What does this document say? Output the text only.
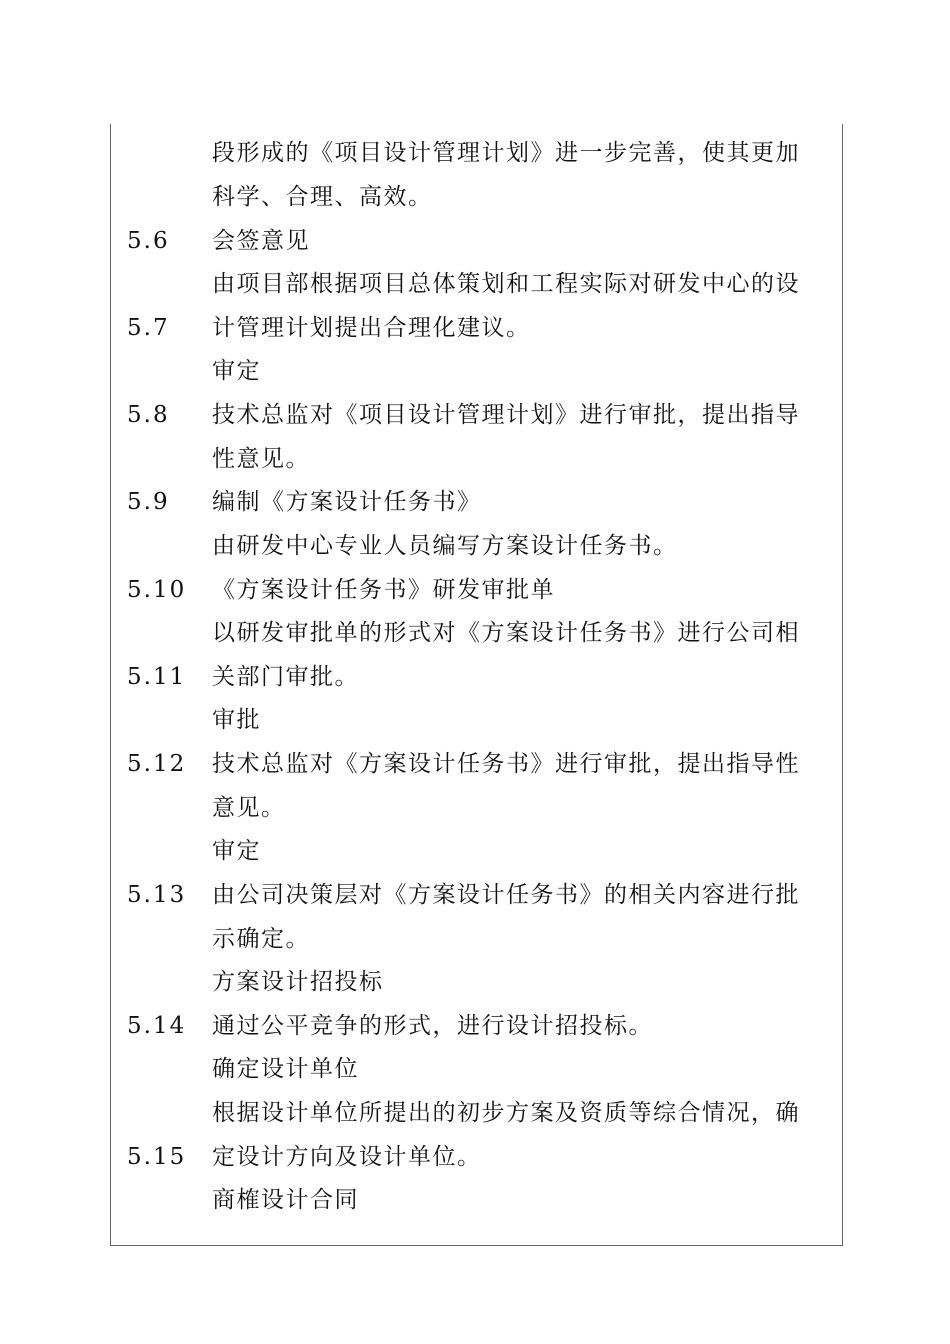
5.6
5.7
5.8
5.9
5.10
5.11
5.12
5.13
5.14
5.15
段形成的《项目设计管理计划》进一步完善，使其更加
科学、合理、高效。
会签意见
由项目部根据项目总体策划和工程实际对研发中心的设
计管理计划提出合理化建议。
审定
技术总监对《项目设计管理计划》进行审批，提出指导
性意见。
编制《方案设计任务书》
由研发中心专业人员编写方案设计任务书。
《方案设计任务书》研发审批单
以研发审批单的形式对《方案设计任务书》进行公司相
关部门审批。
审批
技术总监对《方案设计任务书》进行审批，提出指导性
意见。
审定
由公司决策层对《方案设计任务书》的相关内容进行批
示确定。
方案设计招投标
通过公平竞争的形式，进行设计招投标。
确定设计单位
根据设计单位所提出的初步方案及资质等综合情况，确
定设计方向及设计单位。
商榷设计合同
